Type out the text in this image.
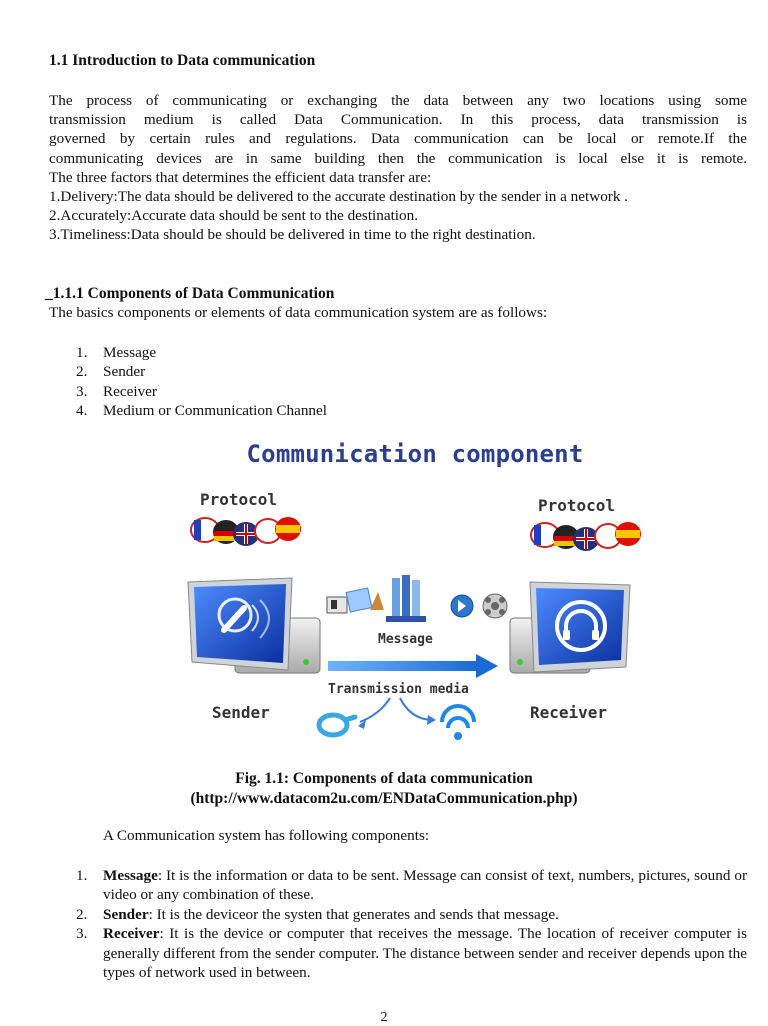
1.1 Introduction to Data communication
The process of communicating or exchanging the data between any two locations using some
transmission medium is called Data Communication. In this process, data transmission is
governed by certain rules and regulations. Data communication can be local or remote.If the
communicating devices are in same building then the communication is local else it is remote.
The three factors that determines the efficient data transfer are:
1.Delivery:The data should be delivered to the accurate destination by the sender in a network .
2.Accurately:Accurate data should be sent to the destination.
3.Timeliness:Data should be should be delivered in time to the right destination.
_1.1.1 Components of Data Communication
The basics components or elements of data communication system are as follows:
1. Message
2. Sender
3. Receiver
4. Medium or Communication Channel
Communication component
Protocol	Protocol
Message
Transmission media
Sender	Receiver
Fig. 1.1: Components of data communication
(http://www.datacom2u.com/ENDataCommunication.php)
A Communication system has following components:
1. Message: It is the information or data to be sent. Message can consist of text, numbers, pictures, sound or video or any combination of these.
2. Sender: It is the deviceor the systen that generates and sends that message.
3. Receiver: It is the device or computer that receives the message. The location of receiver computer is generally different from the sender computer. The distance between sender and receiver depends upon the types of network used in between.
2
